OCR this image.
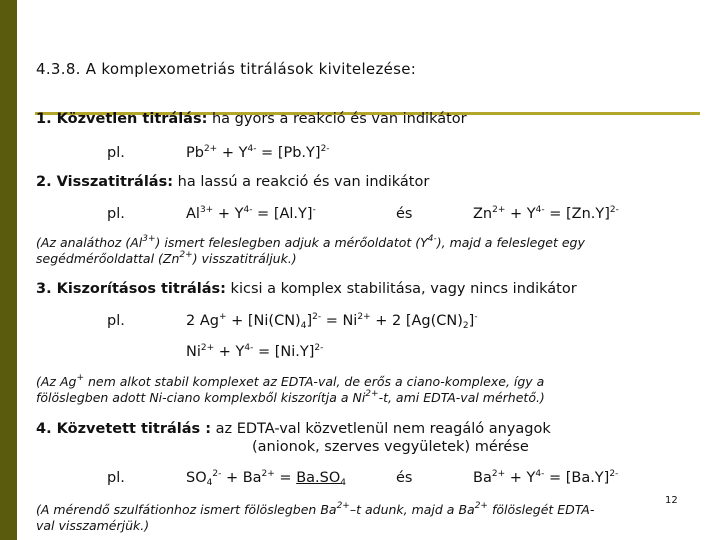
4.3.8. A komplexometriás titrálások kivitelezése:
1. Közvetlen titrálás: ha gyors a reakció és van indikátor
pl.	$Pb^{2+} + Y^{4-} = [Pb.Y]^{2-}$
2. Visszatitrálás: ha lassú a reakció és van indikátor
pl.	$Al^{3+} + Y^{4-} = [Al.Y]^-$	és	$Zn^{2+} + Y^{4-} = [Zn.Y]^{2-}$
(Az analáthoz $(Al^{3+})$ ismert feleslegben adjuk a mérőoldatot $(Y^{4-})$, majd a felesleget egy
segédmérőoldattal $(Zn^{2+})$ visszatitráljuk.)
3. Kiszorításos titrálás: kicsi a komplex stabilitása, vagy nincs indikátor
pl.	2 $Ag^+ + [Ni(CN)_4]^{2-} = Ni^{2+} + 2$ $[Ag(CN)_2]^-$
$Ni^{2+} + Y^{4-} = [Ni.Y]^{2-}$
(Az Ag+ nem alkot stabil komplexet az EDTA-val, de erős a ciano-komplexe, így a
fölöslegben adott Ni-ciano komplexből kiszorítja a $Ni^{2+}-t$, ami EDTA-val mérhető.)
4. Közvetett titrálás : az EDTA-val közvetlenül nem reagáló anyagok
(anionok, szerves vegyületek) mérése
pl.	$SO_4^{2-} + Ba^{2+} = Ba.SO_4$	és	$Ba^{2+} + Y^{4-} = [Ba.Y]^{2-}$
(A mérendő szulfátionhoz ismert fölöslegben $Ba^{2+}-t$ adunk, majd a $Ba^{2+}$ fölöslegét EDTA-
val visszamérjük.)
12
